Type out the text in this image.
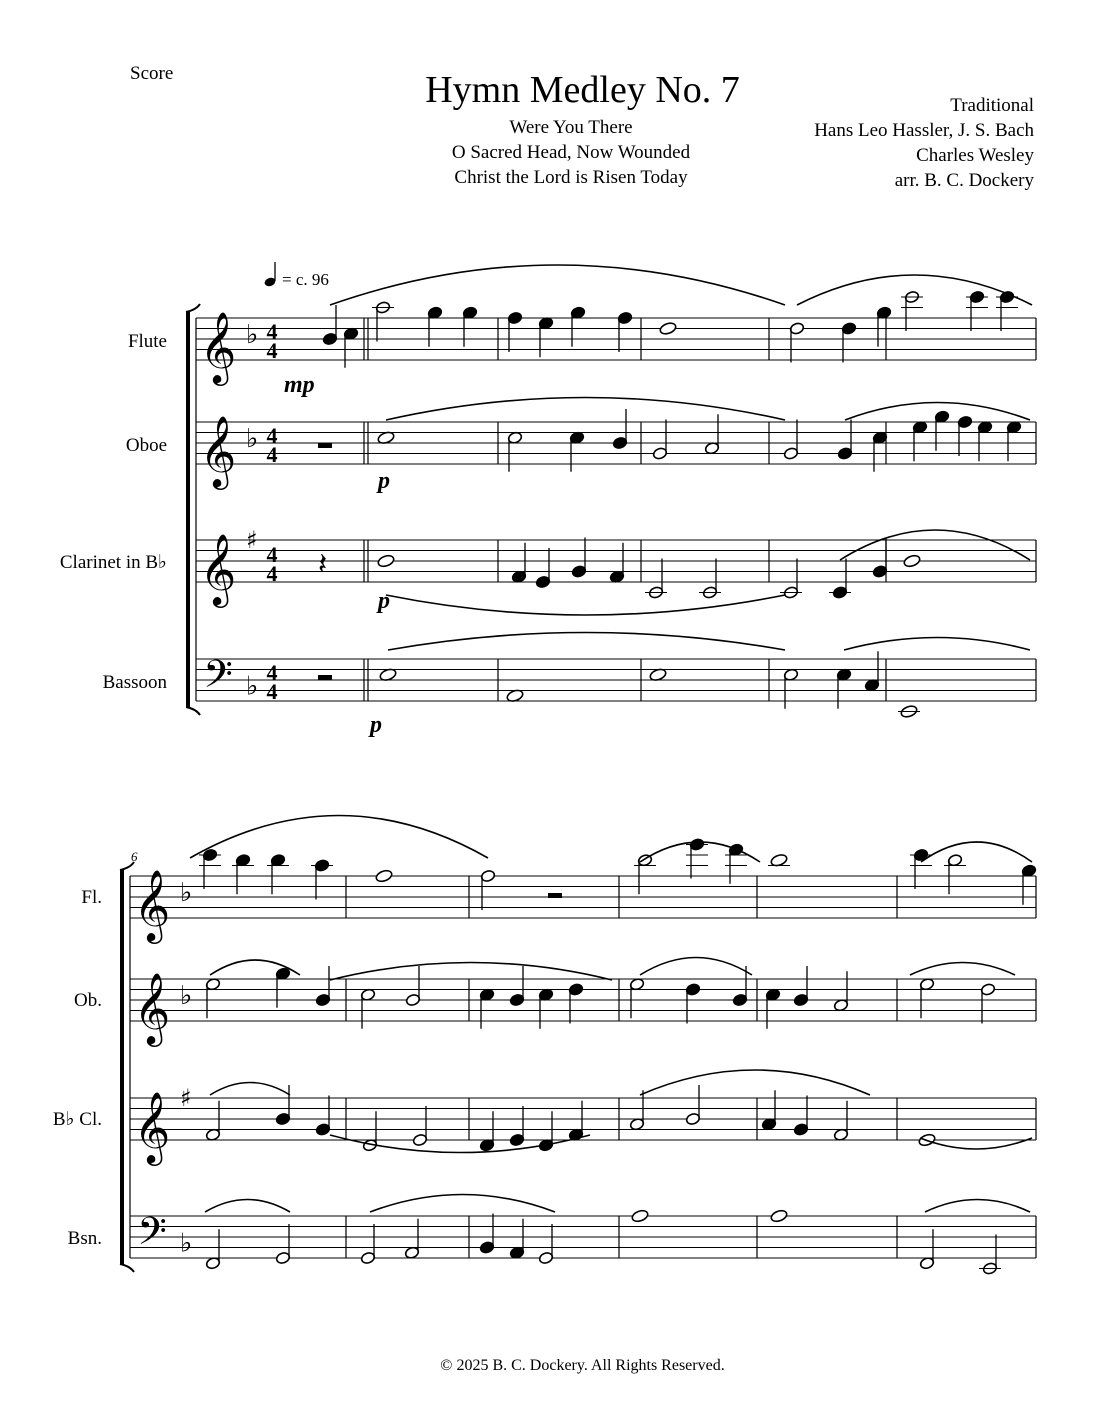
Score	Hymn Medley No. 7
Were You There
O Sacred Head, Now Wounded
Christ the Lord is Risen Today
Traditional
Hans Leo Hassler, J. S. Bach
Charles Wesley
arr. B. C. Dockery
© 2025 B. C. Dockery. All Rights Reserved.
= c. 96
Flute
Oboe
Clarinet in B♭
Bassoon
Fl.
Ob.
B♭ Cl.
Bsn.
6
mp
p
p
p
4
4
4
4
4
4
4
4
𝄞 ♭
𝄞 ♭
𝄞 ♯
𝄢 ♭
𝄞 ♭
𝄞 ♭
𝄞 ♯
𝄢 ♭
𝄽
